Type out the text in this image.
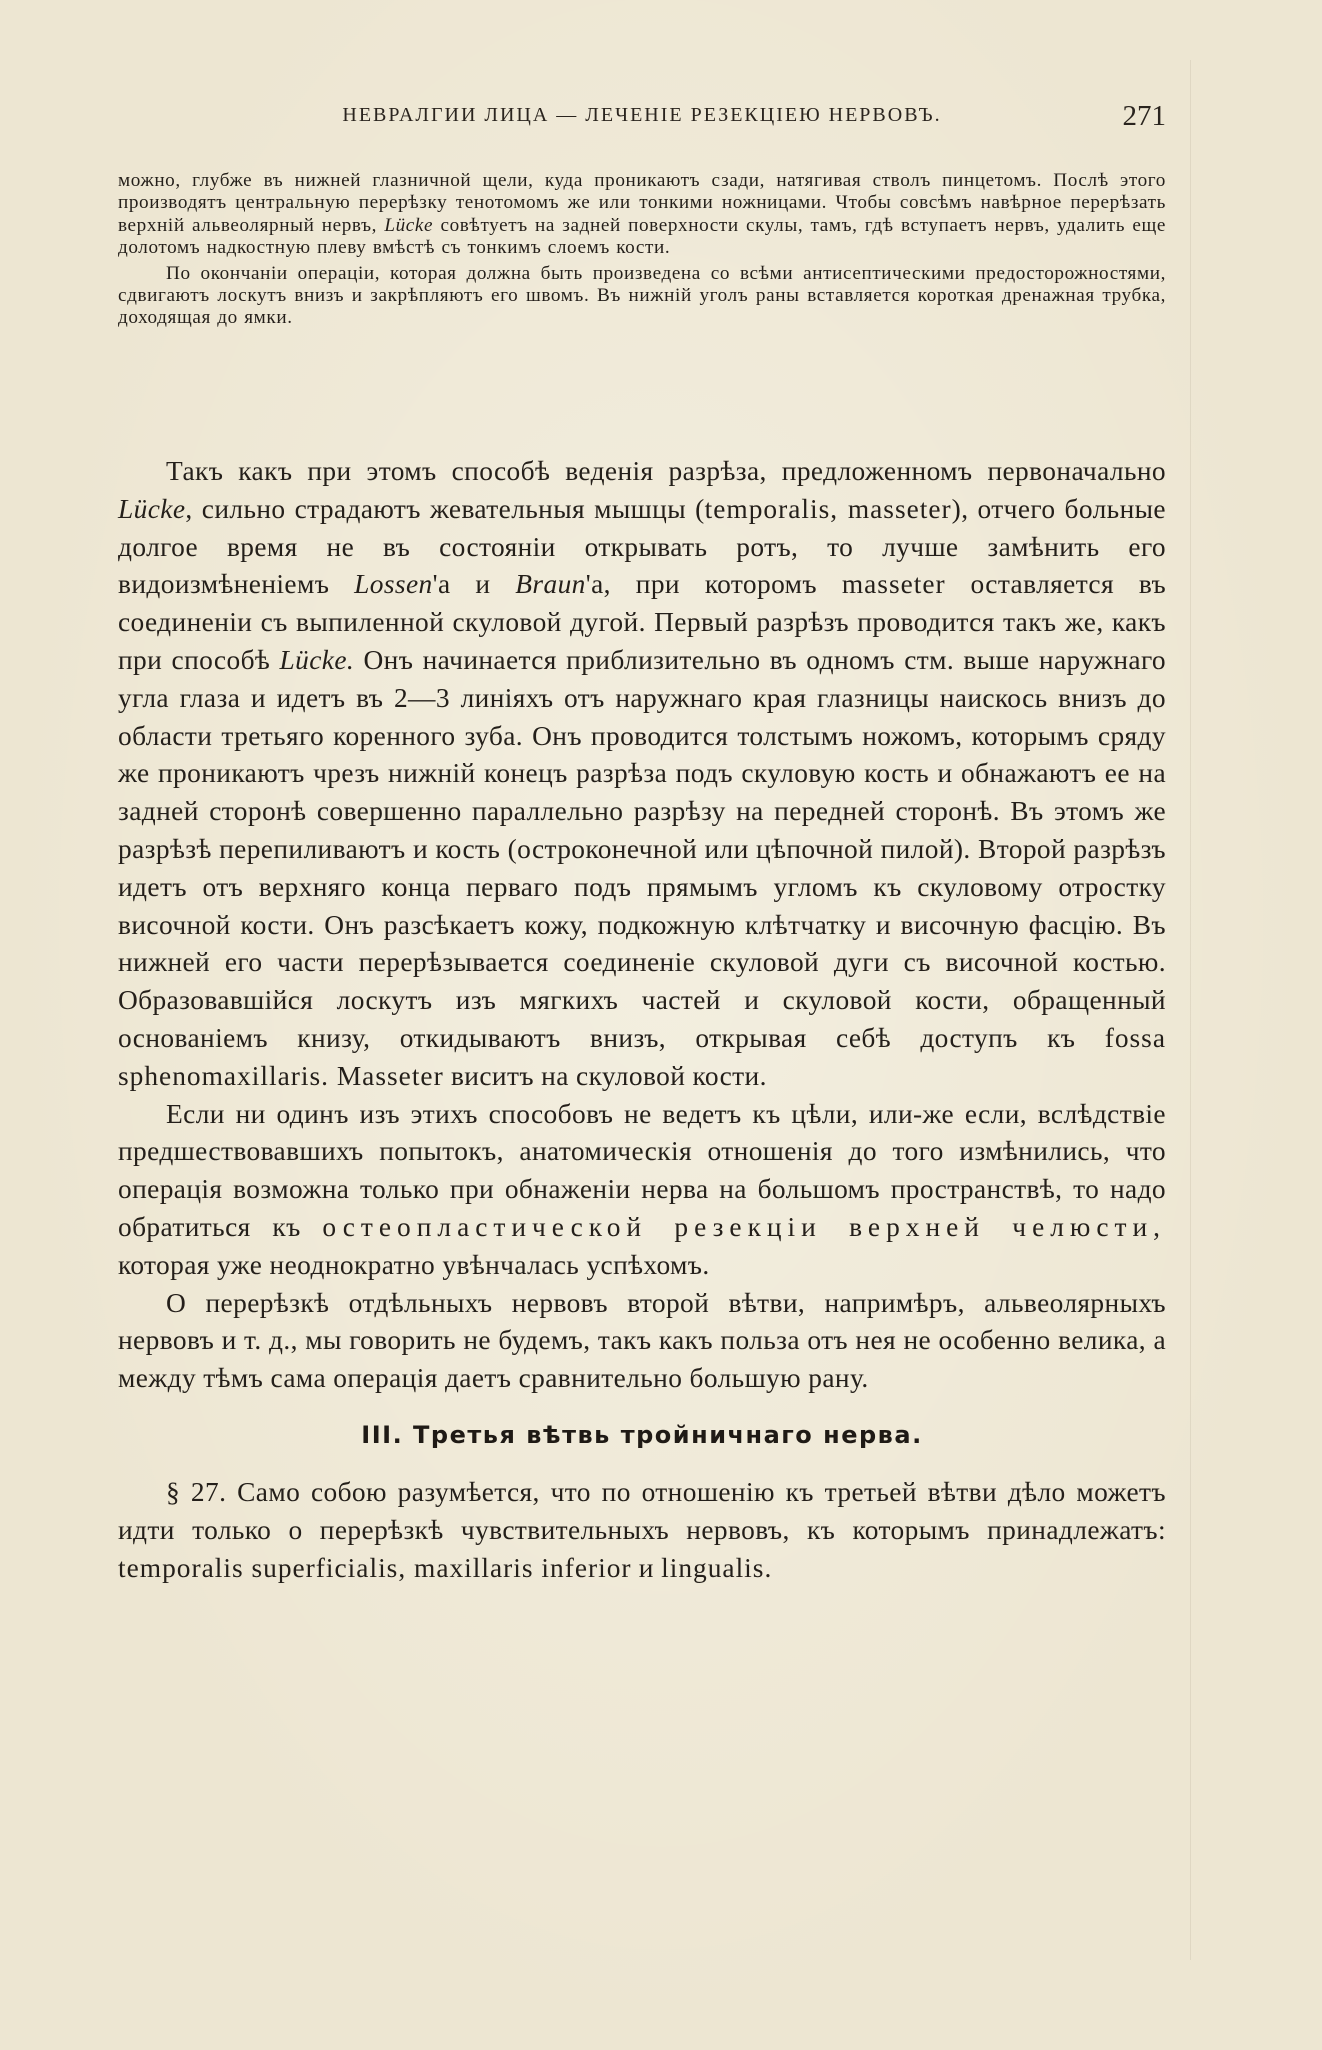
НЕВРАЛГИИ ЛИЦА — ЛЕЧЕНІЕ РЕЗЕКЦІЕЮ НЕРВОВЪ.	271

можно, глубже въ нижней глазничной щели, куда проникаютъ сзади, натягивая стволъ пинцетомъ. Послѣ этого производятъ центральную перерѣзку тенотомомъ же или тонкими ножницами. Чтобы совсѣмъ навѣрное перерѣзать верхній альвеолярный нервъ, Lücke совѣтуетъ на задней поверхности скулы, тамъ, гдѣ вступаетъ нервъ, удалить еще долотомъ надкостную плеву вмѣстѣ съ тонкимъ слоемъ кости.

По окончаніи операціи, которая должна быть произведена со всѣми антисептическими предосторожностями, сдвигаютъ лоскутъ внизъ и закрѣпляютъ его швомъ. Въ нижній уголъ раны вставляется короткая дренажная трубка, доходящая до ямки.

Такъ какъ при этомъ способѣ веденія разрѣза, предложенномъ первоначально Lücke, сильно страдаютъ жевательныя мышцы (temporalis, masseter), отчего больные долгое время не въ состояніи открывать ротъ, то лучше замѣнить его видоизмѣненіемъ Lossen'а и Braun'а, при которомъ masseter оставляется въ соединеніи съ выпиленной скуловой дугой. Первый разрѣзъ проводится такъ же, какъ при способѣ Lücke. Онъ начинается приблизительно въ одномъ стм. выше наружнаго угла глаза и идетъ въ 2—3 линіяхъ отъ наружнаго края глазницы наискось внизъ до области третьяго коренного зуба. Онъ проводится толстымъ ножомъ, которымъ сряду же проникаютъ чрезъ нижній конецъ разрѣза подъ скуловую кость и обнажаютъ ее на задней сторонѣ совершенно параллельно разрѣзу на передней сторонѣ. Въ этомъ же разрѣзѣ перепиливаютъ и кость (остроконечной или цѣпочной пилой). Второй разрѣзъ идетъ отъ верхняго конца перваго подъ прямымъ угломъ къ скуловому отростку височной кости. Онъ разсѣкаетъ кожу, подкожную клѣтчатку и височную фасцію. Въ нижней его части перерѣзывается соединеніе скуловой дуги съ височной костью. Образовавшійся лоскутъ изъ мягкихъ частей и скуловой кости, обращенный основаніемъ книзу, откидываютъ внизъ, открывая себѣ доступъ къ fossa sphenomaxillaris. Masseter виситъ на скуловой кости.

Если ни одинъ изъ этихъ способовъ не ведетъ къ цѣли, или-же если, вслѣдствіе предшествовавшихъ попытокъ, анатомическія отношенія до того измѣнились, что операція возможна только при обнаженіи нерва на большомъ пространствѣ, то надо обратиться къ остеопластической резекціи верхней челюсти, которая уже неоднократно увѣнчалась успѣхомъ.

О перерѣзкѣ отдѣльныхъ нервовъ второй вѣтви, напримѣръ, альвеолярныхъ нервовъ и т. д., мы говорить не будемъ, такъ какъ польза отъ нея не особенно велика, а между тѣмъ сама операція даетъ сравнительно большую рану.

III. Третья вѣтвь тройничнаго нерва.

§ 27. Само собою разумѣется, что по отношенію къ третьей вѣтви дѣло можетъ идти только о перерѣзкѣ чувствительныхъ нервовъ, къ которымъ принадлежатъ: temporalis superficialis, maxillaris inferior и lingualis.
